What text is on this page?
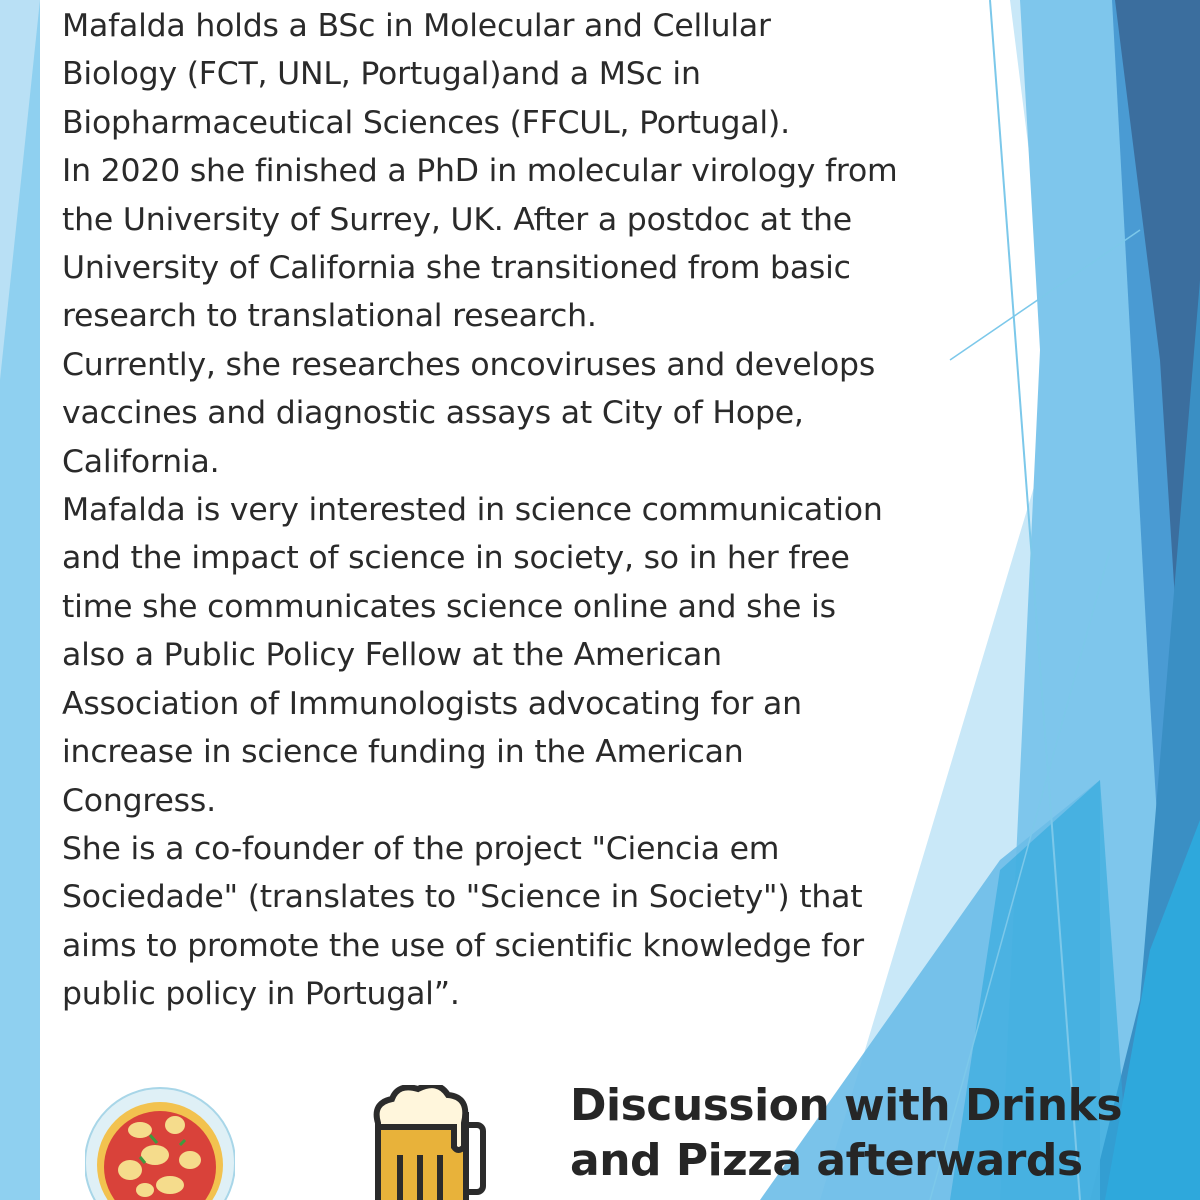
Mafalda holds a BSc in Molecular and Cellular
Biology (FCT, UNL, Portugal)and a MSc in
Biopharmaceutical Sciences (FFCUL, Portugal).
In 2020 she finished a PhD in molecular virology from
the University of Surrey, UK. After a postdoc at the
University of California she transitioned from basic
research to translational research.
Currently, she researches oncoviruses and develops
vaccines and diagnostic assays at City of Hope,
California.
Mafalda is very interested in science communication
and the impact of science in society, so in her free
time she communicates science online and she is
also a Public Policy Fellow at the American
Association of Immunologists advocating for an
increase in science funding in the American
Congress.
She is a co-founder of the project "Ciencia em
Sociedade" (translates to "Science in Society") that
aims to promote the use of scientific knowledge for
public policy in Portugal”.
Discussion with Drinks
and Pizza afterwards
